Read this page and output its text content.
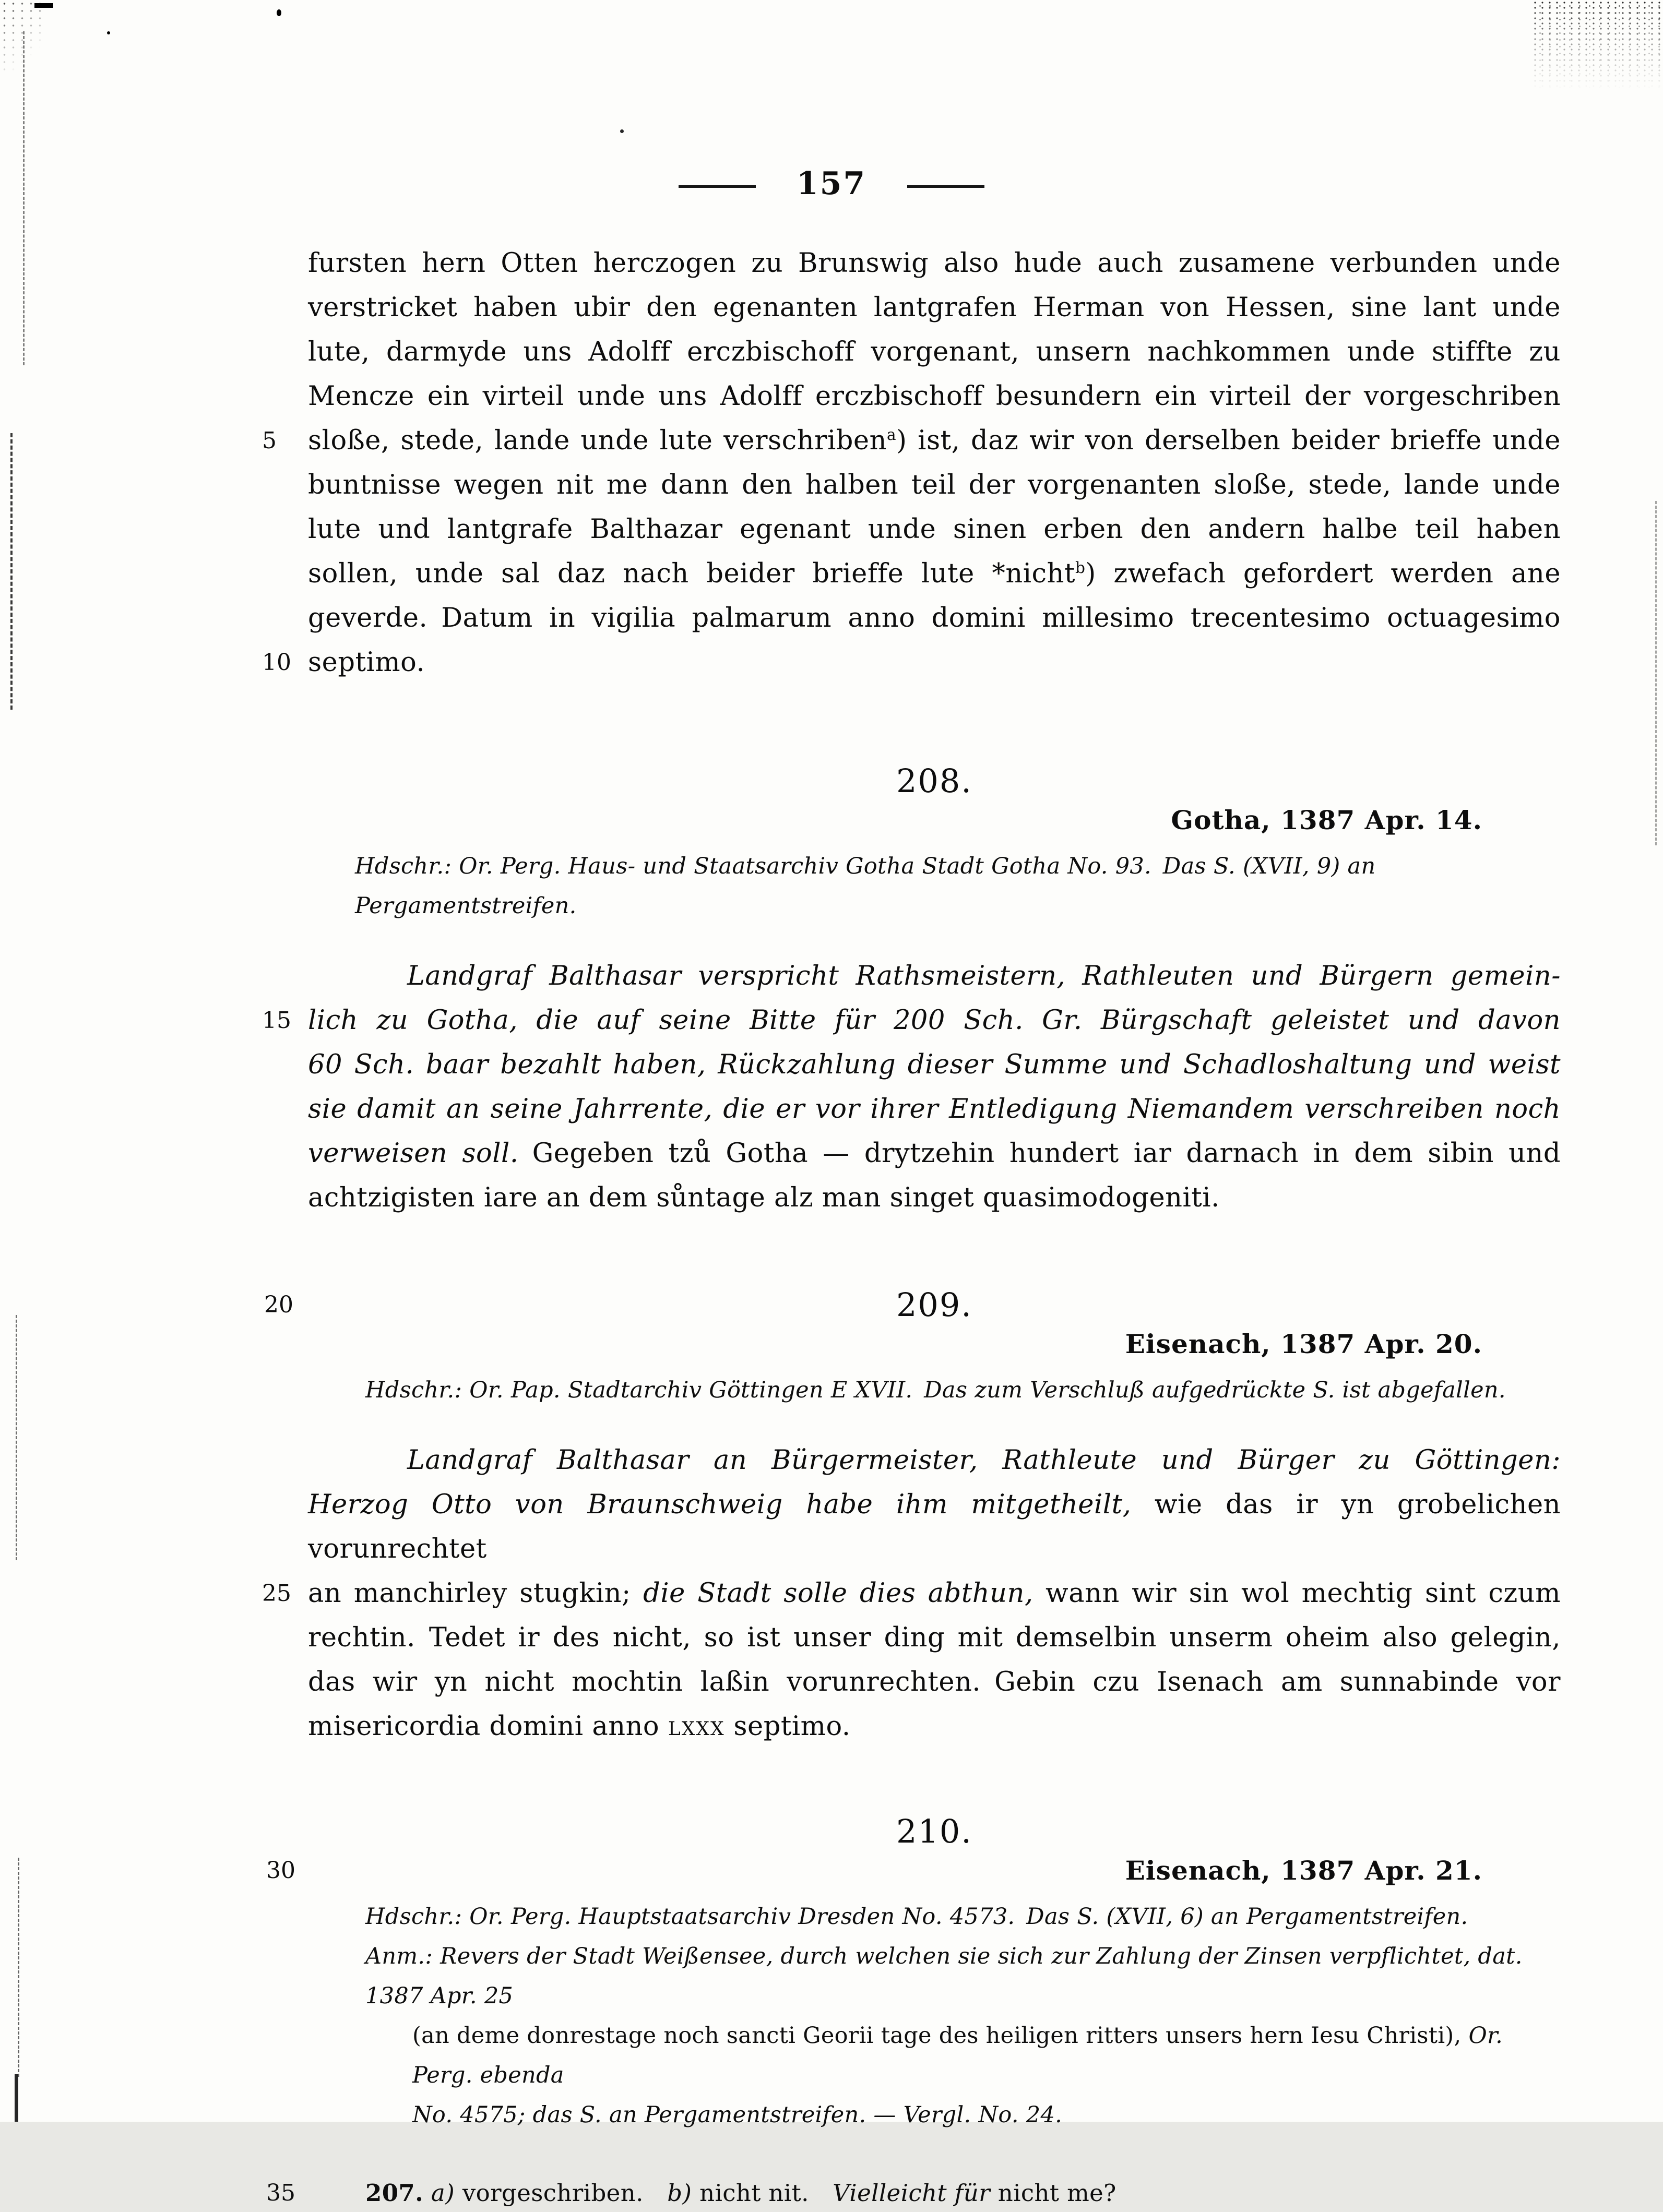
157
fursten hern Otten herczogen zu Brunswig also hude auch zusamene verbunden unde
verstricket haben ubir den egenanten lantgrafen Herman von Hessen, sine lant unde
lute, darmyde uns Adolff erczbischoff vorgenant, unsern nachkommen unde stiffte zu
Mencze ein virteil unde uns Adolff erczbischoff besundern ein virteil der vorgeschriben
5	sloße, stede, lande unde lute verschriben$^a$) ist, daz wir von derselben beider brieffe unde
buntnisse wegen nit me dann den halben teil der vorgenanten sloße, stede, lande unde
lute und lantgrafe Balthazar egenant unde sinen erben den andern halbe teil haben
sollen, unde sal daz nach beider brieffe lute *nicht$^b$) zwefach gefordert werden ane
geverde. Datum in vigilia palmarum anno domini millesimo trecentesimo octuagesimo
10 septimo.
208.
Gotha, 1387 Apr. 14.
Hdschr.: Or. Perg. Haus- und Staatsarchiv Gotha Stadt Gotha No. 93. Das S. (XVII, 9) an Pergamentstreifen.
Landgraf Balthasar verspricht Rathsmeistern, Rathleuten und Bürgern gemein-
15 lich zu Gotha, die auf seine Bitte für 200 Sch. Gr. Bürgschaft geleistet und davon
60 Sch. baar bezahlt haben, Rückzahlung dieser Summe und Schadloshaltung und weist
sie damit an seine Jahrrente, die er vor ihrer Entledigung Niemandem verschreiben noch
verweisen soll. Gegeben tzů Gotha — drytzehin hundert iar darnach in dem sibin und
achtzigisten iare an dem sůntage alz man singet quasimodogeniti.
20	209.
Eisenach, 1387 Apr. 20.
Hdschr.: Or. Pap. Stadtarchiv Göttingen E XVII. Das zum Verschluß aufgedrückte S. ist abgefallen.
Landgraf Balthasar an Bürgermeister, Rathleute und Bürger zu Göttingen:
Herzog Otto von Braunschweig habe ihm mitgetheilt, wie das ir yn grobelichen vorunrechtet
25 an manchirley stugkin; die Stadt solle dies abthun, wann wir sin wol mechtig sint czum
rechtin. Tedet ir des nicht, so ist unser ding mit demselbin unserm oheim also gelegin,
das wir yn nicht mochtin laßin vorunrechten. Gebin czu Isenach am sunnabinde vor
misericordia domini anno lxxx septimo.
210.
30	Eisenach, 1387 Apr. 21.
Hdschr.: Or. Perg. Hauptstaatsarchiv Dresden No. 4573. Das S. (XVII, 6) an Pergamentstreifen.
Anm.: Revers der Stadt Weißensee, durch welchen sie sich zur Zahlung der Zinsen verpflichtet, dat. 1387 Apr. 25
(an deme donrestage noch sancti Georii tage des heiligen ritters unsers hern Iesu Christi), Or. Perg. ebenda
No. 4575; das S. an Pergamentstreifen. — Vergl. No. 24.
35	207. a) vorgeschriben. b) nicht nit. Vielleicht für nicht me?
